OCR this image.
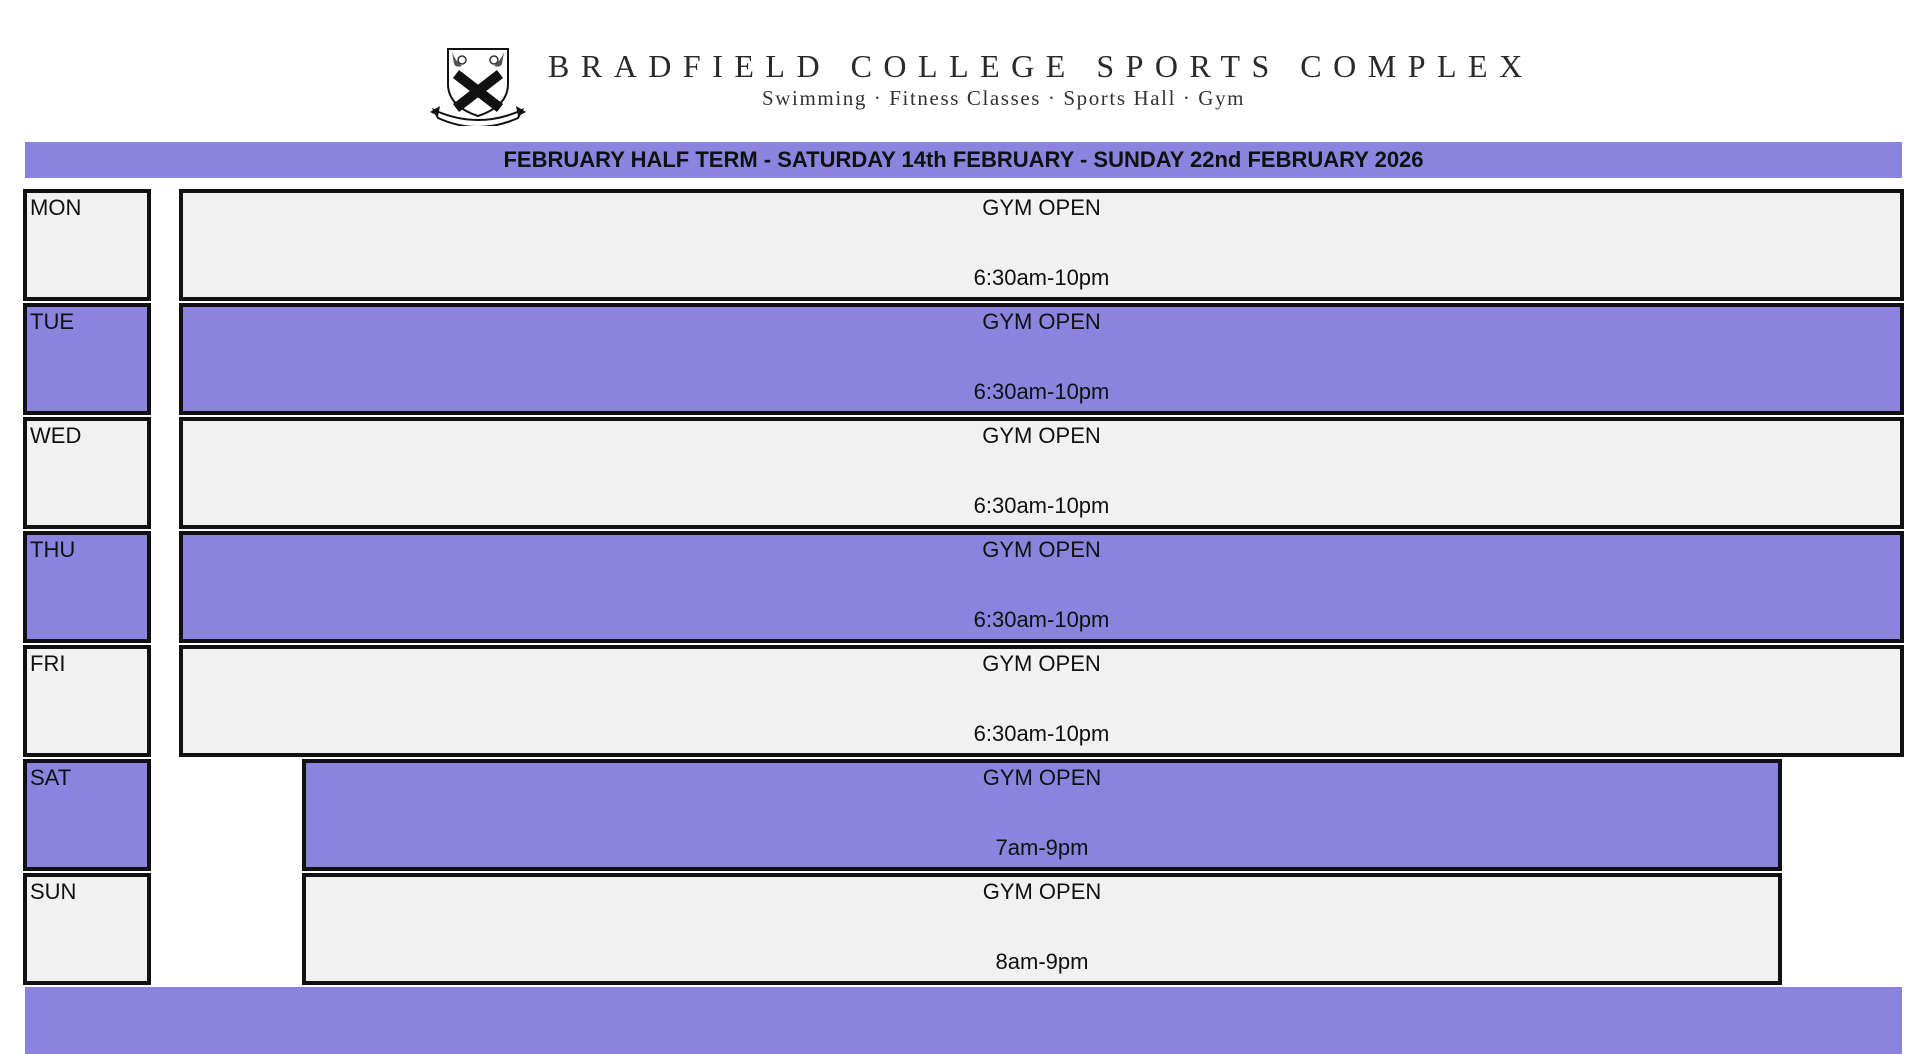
BRADFIELD COLLEGE SPORTS COMPLEX
Swimming · Fitness Classes · Sports Hall · Gym
FEBRUARY HALF TERM - SATURDAY 14th FEBRUARY - SUNDAY 22nd FEBRUARY 2026
MON	GYM OPEN
6:30am-10pm
TUE	GYM OPEN
6:30am-10pm
WED	GYM OPEN
6:30am-10pm
THU	GYM OPEN
6:30am-10pm
FRI	GYM OPEN
6:30am-10pm
SAT	GYM OPEN
7am-9pm
SUN	GYM OPEN
8am-9pm
